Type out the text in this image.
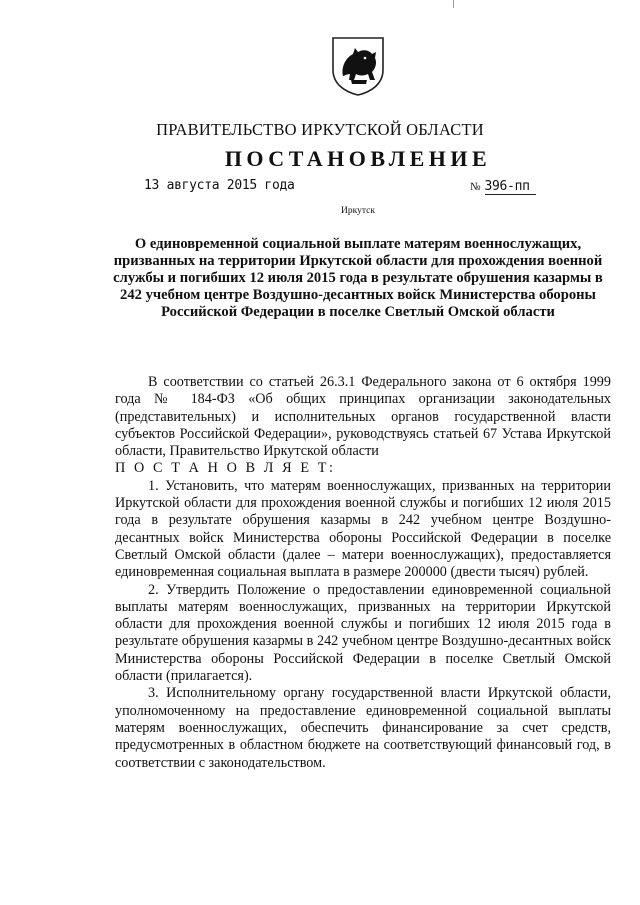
ПРАВИТЕЛЬСТВО ИРКУТСКОЙ ОБЛАСТИ
ПОСТАНОВЛЕНИЕ
13 августа 2015 года	№ 396-пп
Иркутск
О единовременной социальной выплате матерям военнослужащих, призванных на территории Иркутской области для прохождения военной службы и погибших 12 июля 2015 года в результате обрушения казармы в 242 учебном центре Воздушно-десантных войск Министерства обороны Российской Федерации в поселке Светлый Омской области

В соответствии со статьей 26.3.1 Федерального закона от 6 октября 1999 года № 184-ФЗ «Об общих принципах организации законодательных (представительных) и исполнительных органов государственной власти субъектов Российской Федерации», руководствуясь статьей 67 Устава Иркутской области, Правительство Иркутской области

П О С Т А Н О В Л Я Е Т:

1. Установить, что матерям военнослужащих, призванных на территории Иркутской области для прохождения военной службы и погибших 12 июля 2015 года в результате обрушения казармы в 242 учебном центре Воздушно-десантных войск Министерства обороны Российской Федерации в поселке Светлый Омской области (далее – матери военнослужащих), предоставляется единовременная социальная выплата в размере 200000 (двести тысяч) рублей.

2. Утвердить Положение о предоставлении единовременной социальной выплаты матерям военнослужащих, призванных на территории Иркутской области для прохождения военной службы и погибших 12 июля 2015 года в результате обрушения казармы в 242 учебном центре Воздушно-десантных войск Министерства обороны Российской Федерации в поселке Светлый Омской области (прилагается).

3. Исполнительному органу государственной власти Иркутской области, уполномоченному на предоставление единовременной социальной выплаты матерям военнослужащих, обеспечить финансирование за счет средств, предусмотренных в областном бюджете на соответствующий финансовый год, в соответствии с законодательством.
